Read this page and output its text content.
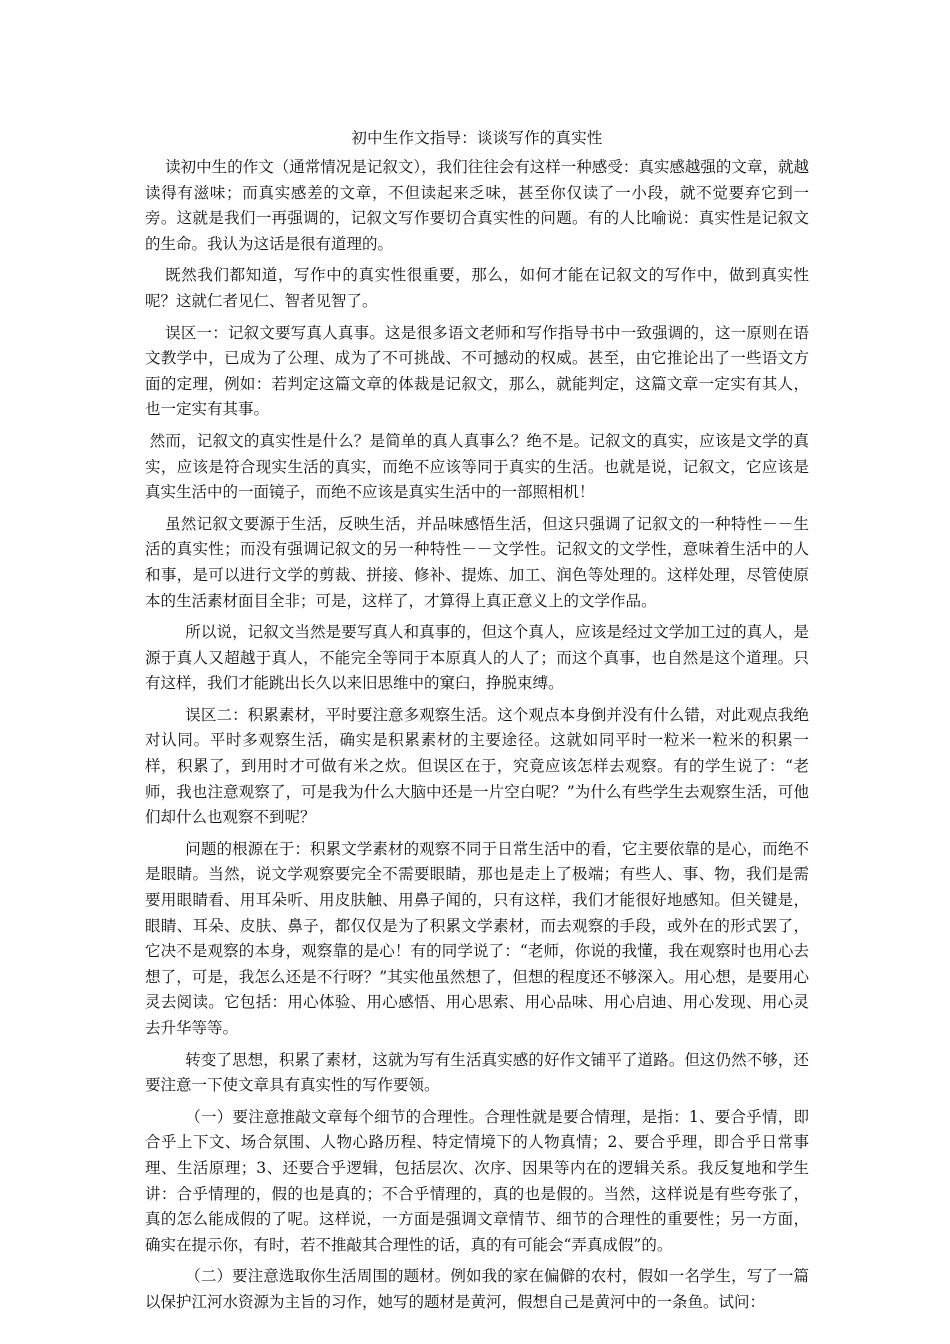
初中生作文指导：谈谈写作的真实性

读初中生的作文（通常情况是记叙文），我们往往会有这样一种感受：真实感越强的文章，就越读得有滋味；而真实感差的文章，不但读起来乏味，甚至你仅读了一小段，就不觉要弃它到一旁。这就是我们一再强调的，记叙文写作要切合真实性的问题。有的人比喻说：真实性是记叙文的生命。我认为这话是很有道理的。

既然我们都知道，写作中的真实性很重要，那么，如何才能在记叙文的写作中，做到真实性呢？这就仁者见仁、智者见智了。

误区一：记叙文要写真人真事。这是很多语文老师和写作指导书中一致强调的，这一原则在语文教学中，已成为了公理、成为了不可挑战、不可撼动的权威。甚至，由它推论出了一些语文方面的定理，例如：若判定这篇文章的体裁是记叙文，那么，就能判定，这篇文章一定实有其人，也一定实有其事。

然而，记叙文的真实性是什么？是简单的真人真事么？绝不是。记叙文的真实，应该是文学的真实，应该是符合现实生活的真实，而绝不应该等同于真实的生活。也就是说，记叙文，它应该是真实生活中的一面镜子，而绝不应该是真实生活中的一部照相机！

虽然记叙文要源于生活，反映生活，并品味感悟生活，但这只强调了记叙文的一种特性－－生活的真实性；而没有强调记叙文的另一种特性－－文学性。记叙文的文学性，意味着生活中的人和事，是可以进行文学的剪裁、拼接、修补、提炼、加工、润色等处理的。这样处理，尽管使原本的生活素材面目全非；可是，这样了，才算得上真正意义上的文学作品。

所以说，记叙文当然是要写真人和真事的，但这个真人，应该是经过文学加工过的真人，是源于真人又超越于真人，不能完全等同于本原真人的人了；而这个真事，也自然是这个道理。只有这样，我们才能跳出长久以来旧思维中的窠臼，挣脱束缚。

误区二：积累素材，平时要注意多观察生活。这个观点本身倒并没有什么错，对此观点我绝对认同。平时多观察生活，确实是积累素材的主要途径。这就如同平时一粒米一粒米的积累一样，积累了，到用时才可做有米之炊。但误区在于，究竟应该怎样去观察。有的学生说了：“老师，我也注意观察了，可是我为什么大脑中还是一片空白呢？”为什么有些学生去观察生活，可他们却什么也观察不到呢？

问题的根源在于：积累文学素材的观察不同于日常生活中的看，它主要依靠的是心，而绝不是眼睛。当然，说文学观察要完全不需要眼睛，那也是走上了极端；有些人、事、物，我们是需要用眼睛看、用耳朵听、用皮肤触、用鼻子闻的，只有这样，我们才能很好地感知。但关键是，眼睛、耳朵、皮肤、鼻子，都仅仅是为了积累文学素材，而去观察的手段，或外在的形式罢了，它决不是观察的本身，观察靠的是心！有的同学说了：“老师，你说的我懂，我在观察时也用心去想了，可是，我怎么还是不行呀？”其实他虽然想了，但想的程度还不够深入。用心想，是要用心灵去阅读。它包括：用心体验、用心感悟、用心思索、用心品味、用心启迪、用心发现、用心灵去升华等等。

转变了思想，积累了素材，这就为写有生活真实感的好作文铺平了道路。但这仍然不够，还要注意一下使文章具有真实性的写作要领。

（一）要注意推敲文章每个细节的合理性。合理性就是要合情理，是指：1、要合乎情，即合乎上下文、场合氛围、人物心路历程、特定情境下的人物真情；2、要合乎理，即合乎日常事理、生活原理；3、还要合乎逻辑，包括层次、次序、因果等内在的逻辑关系。我反复地和学生讲：合乎情理的，假的也是真的；不合乎情理的，真的也是假的。当然，这样说是有些夸张了，真的怎么能成假的了呢。这样说，一方面是强调文章情节、细节的合理性的重要性；另一方面，确实在提示你，有时，若不推敲其合理性的话，真的有可能会“弄真成假”的。

（二）要注意选取你生活周围的题材。例如我的家在偏僻的农村，假如一名学生，写了一篇以保护江河水资源为主旨的习作，她写的题材是黄河，假想自己是黄河中的一条鱼。试问：
